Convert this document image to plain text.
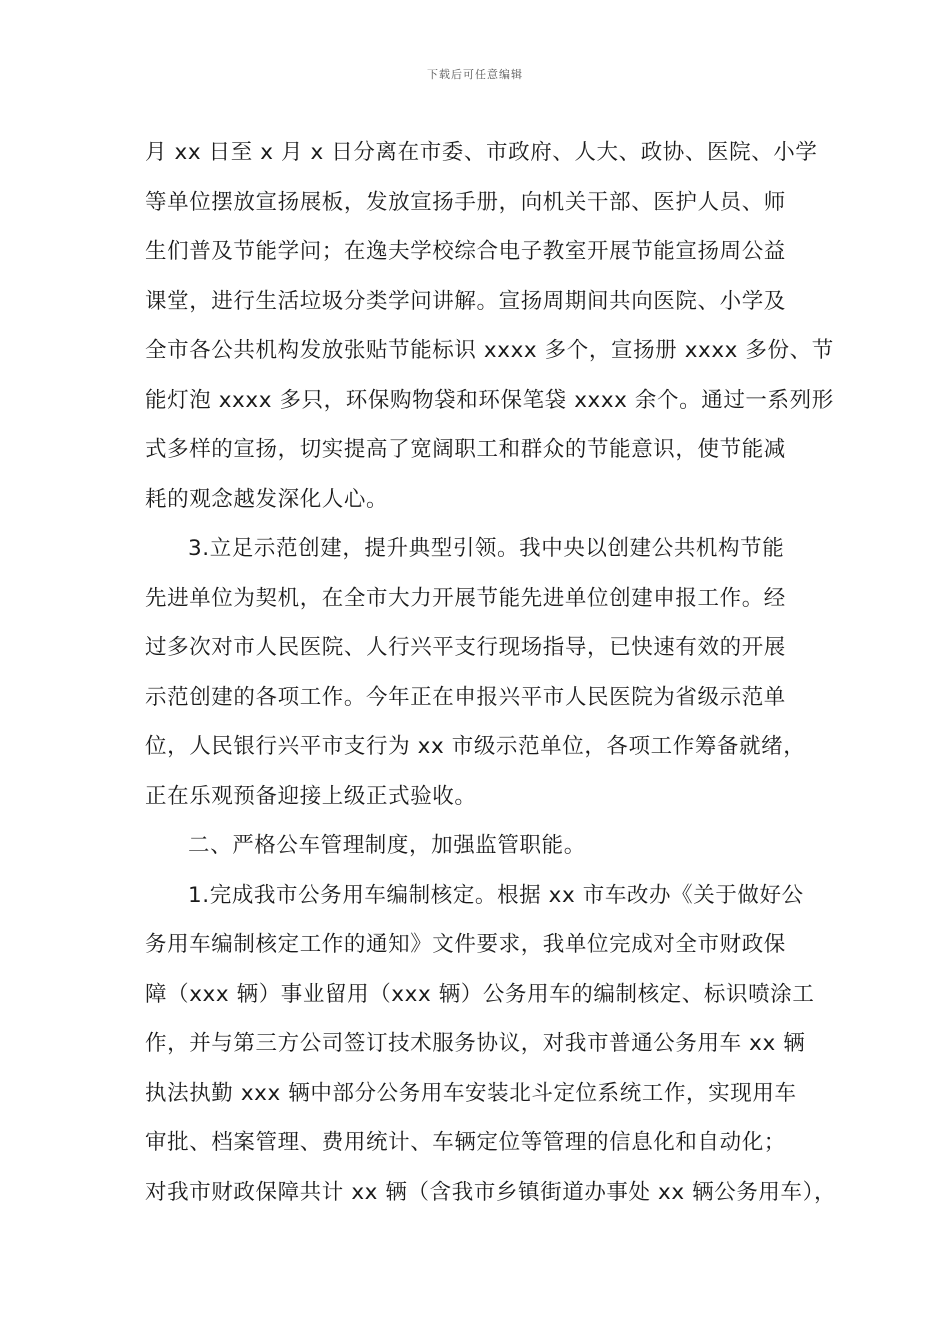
下载后可任意编辑
月 xx 日至 x 月 x 日分离在市委、市政府、人大、政协、医院、小学
等单位摆放宣扬展板，发放宣扬手册，向机关干部、医护人员、师
生们普及节能学问；在逸夫学校综合电子教室开展节能宣扬周公益
课堂，进行生活垃圾分类学问讲解。宣扬周期间共向医院、小学及
全市各公共机构发放张贴节能标识 xxxx 多个，宣扬册 xxxx 多份、节
能灯泡 xxxx 多只，环保购物袋和环保笔袋 xxxx 余个。通过一系列形
式多样的宣扬，切实提高了宽阔职工和群众的节能意识，使节能减
耗的观念越发深化人心。
3.立足示范创建，提升典型引领。我中央以创建公共机构节能
先进单位为契机，在全市大力开展节能先进单位创建申报工作。经
过多次对市人民医院、人行兴平支行现场指导，已快速有效的开展
示范创建的各项工作。今年正在申报兴平市人民医院为省级示范单
位，人民银行兴平市支行为 xx 市级示范单位，各项工作筹备就绪，
正在乐观预备迎接上级正式验收。
二、严格公车管理制度，加强监管职能。
1.完成我市公务用车编制核定。根据 xx 市车改办《关于做好公
务用车编制核定工作的通知》文件要求，我单位完成对全市财政保
障（xxx 辆）事业留用（xxx 辆）公务用车的编制核定、标识喷涂工
作，并与第三方公司签订技术服务协议，对我市普通公务用车 xx 辆
执法执勤 xxx 辆中部分公务用车安装北斗定位系统工作，实现用车
审批、档案管理、费用统计、车辆定位等管理的信息化和自动化；
对我市财政保障共计 xx 辆（含我市乡镇街道办事处 xx 辆公务用车），
